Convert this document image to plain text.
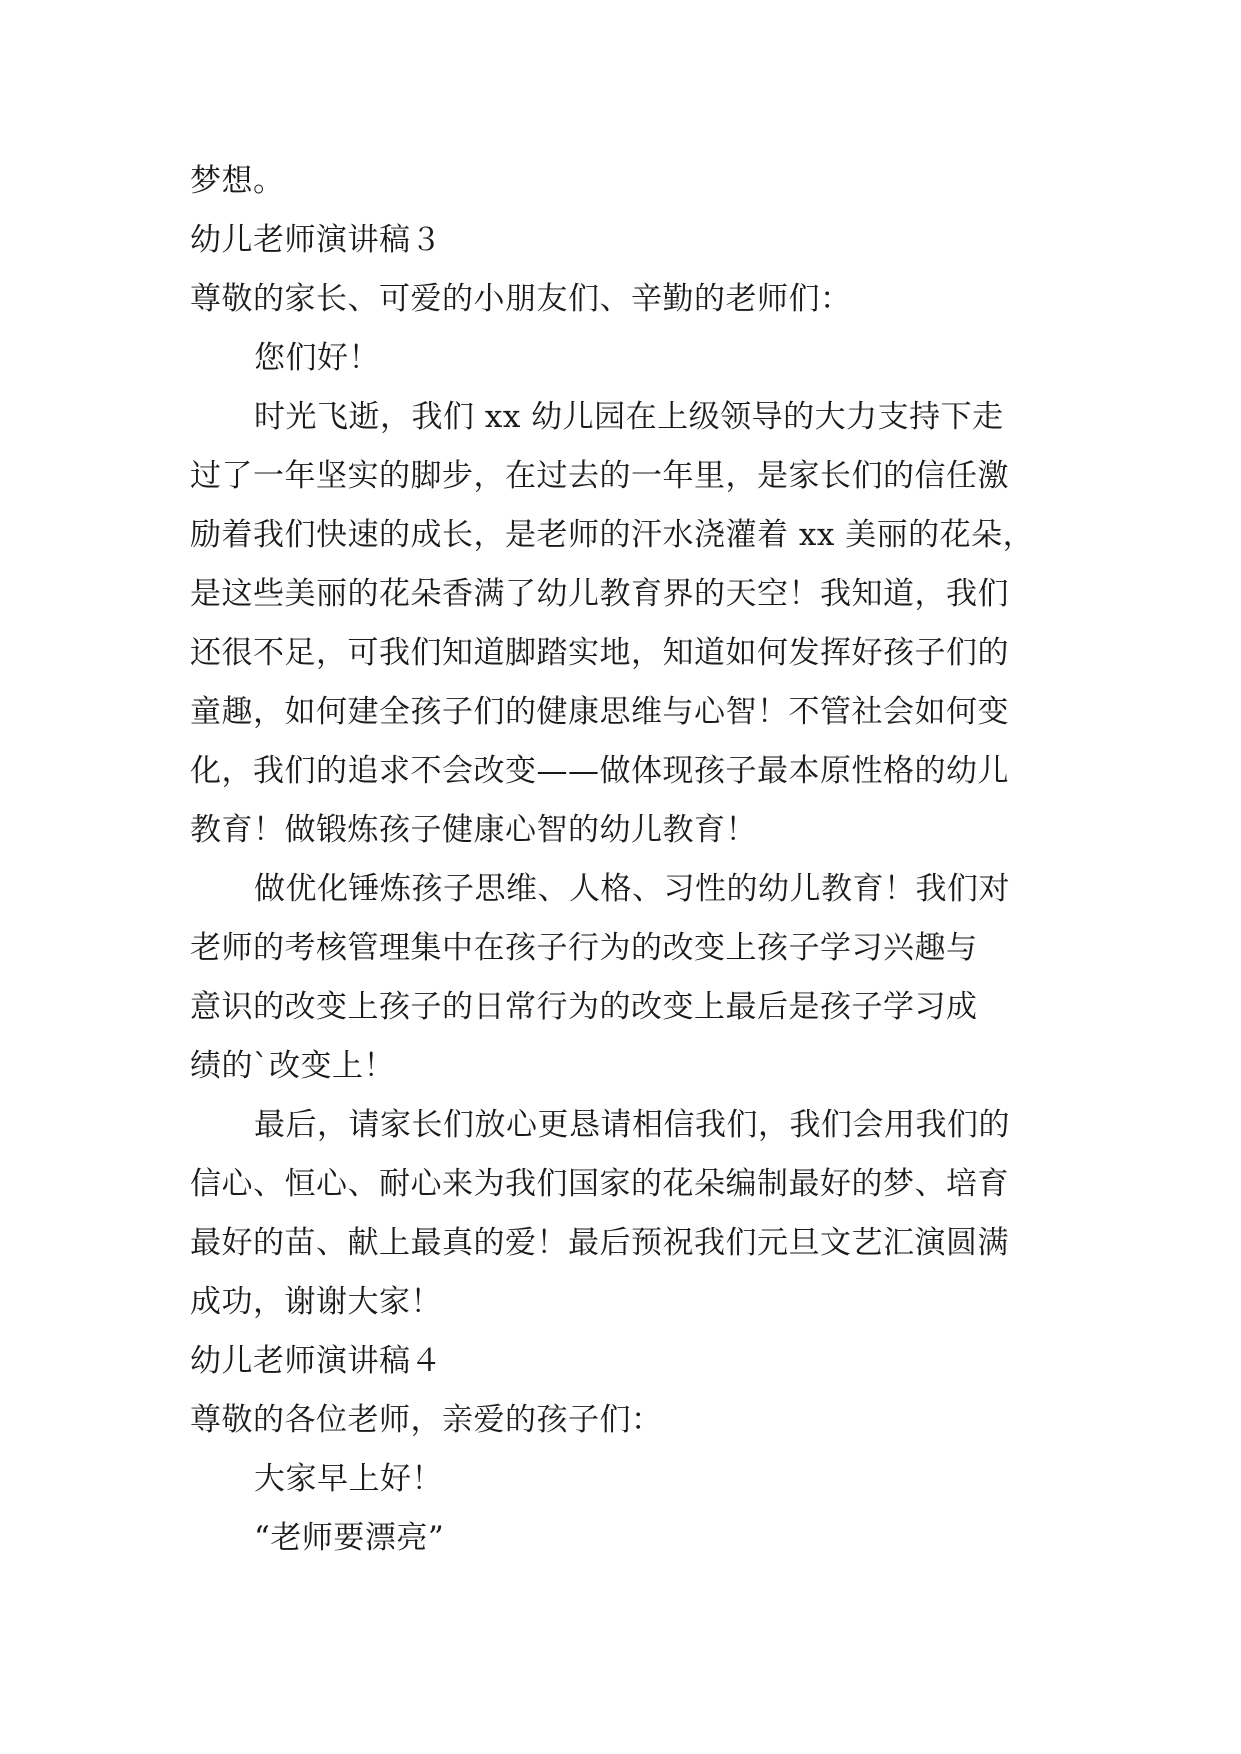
梦想。
幼儿老师演讲稿３
尊敬的家长、可爱的小朋友们、辛勤的老师们：
您们好！
时光飞逝，我们 xx 幼儿园在上级领导的大力支持下走
过了一年坚实的脚步，在过去的一年里，是家长们的信任激
励着我们快速的成长，是老师的汗水浇灌着 xx 美丽的花朵，
是这些美丽的花朵香满了幼儿教育界的天空！我知道，我们
还很不足，可我们知道脚踏实地，知道如何发挥好孩子们的
童趣，如何建全孩子们的健康思维与心智！不管社会如何变
化，我们的追求不会改变——做体现孩子最本原性格的幼儿
教育！做锻炼孩子健康心智的幼儿教育！
做优化锤炼孩子思维、人格、习性的幼儿教育！我们对
老师的考核管理集中在孩子行为的改变上孩子学习兴趣与
意识的改变上孩子的日常行为的改变上最后是孩子学习成
绩的`改变上！
最后，请家长们放心更恳请相信我们，我们会用我们的
信心、恒心、耐心来为我们国家的花朵编制最好的梦、培育
最好的苗、献上最真的爱！最后预祝我们元旦文艺汇演圆满
成功，谢谢大家！
幼儿老师演讲稿４
尊敬的各位老师，亲爱的孩子们：
大家早上好！
“老师要漂亮”
